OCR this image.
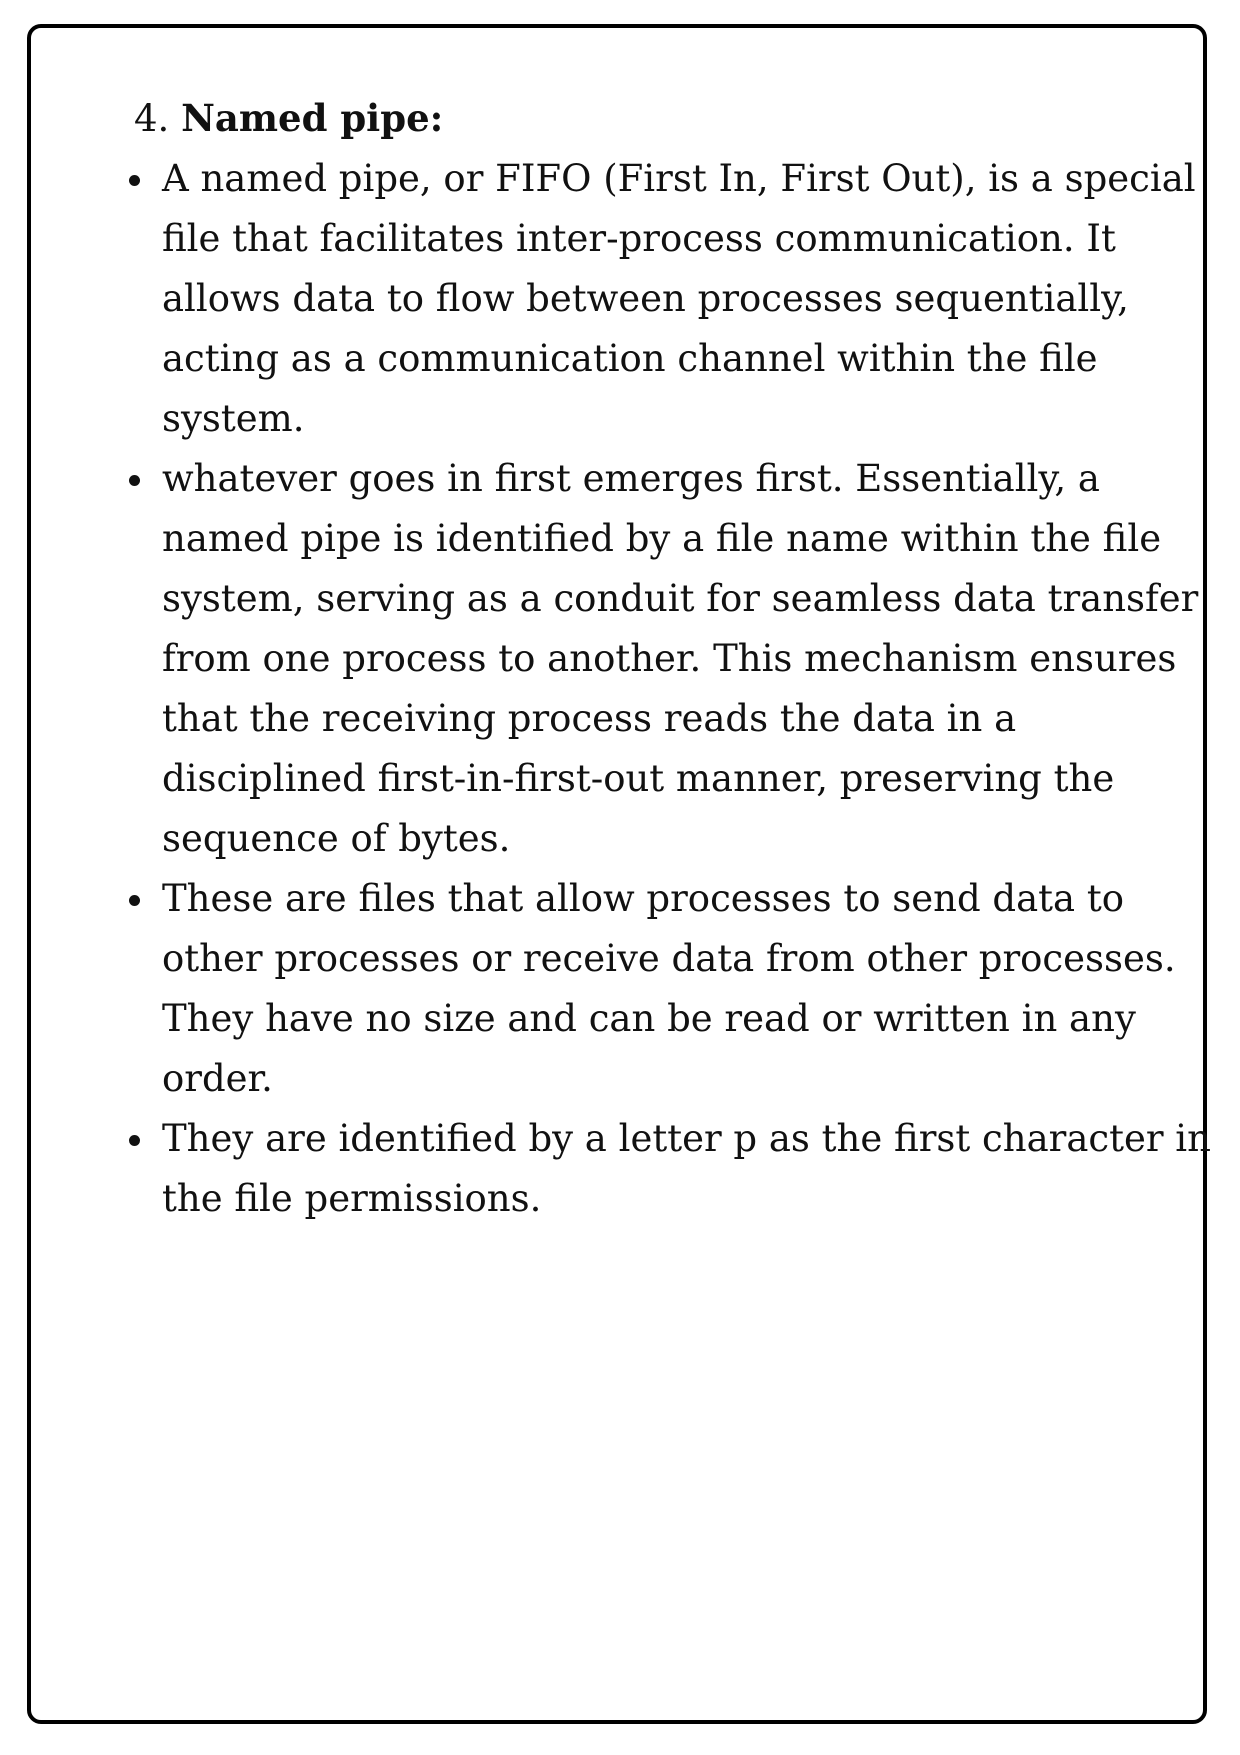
4. Named pipe:

A named pipe, or FIFO (First In, First Out), is a special file that facilitates inter-process communication. It allows data to flow between processes sequentially, acting as a communication channel within the file system.
whatever goes in first emerges first. Essentially, a named pipe is identified by a file name within the file system, serving as a conduit for seamless data transfer from one process to another. This mechanism ensures that the receiving process reads the data in a disciplined first-in-first-out manner, preserving the sequence of bytes.
These are files that allow processes to send data to other processes or receive data from other processes. They have no size and can be read or written in any order.
They are identified by a letter p as the first character in the file permissions.
